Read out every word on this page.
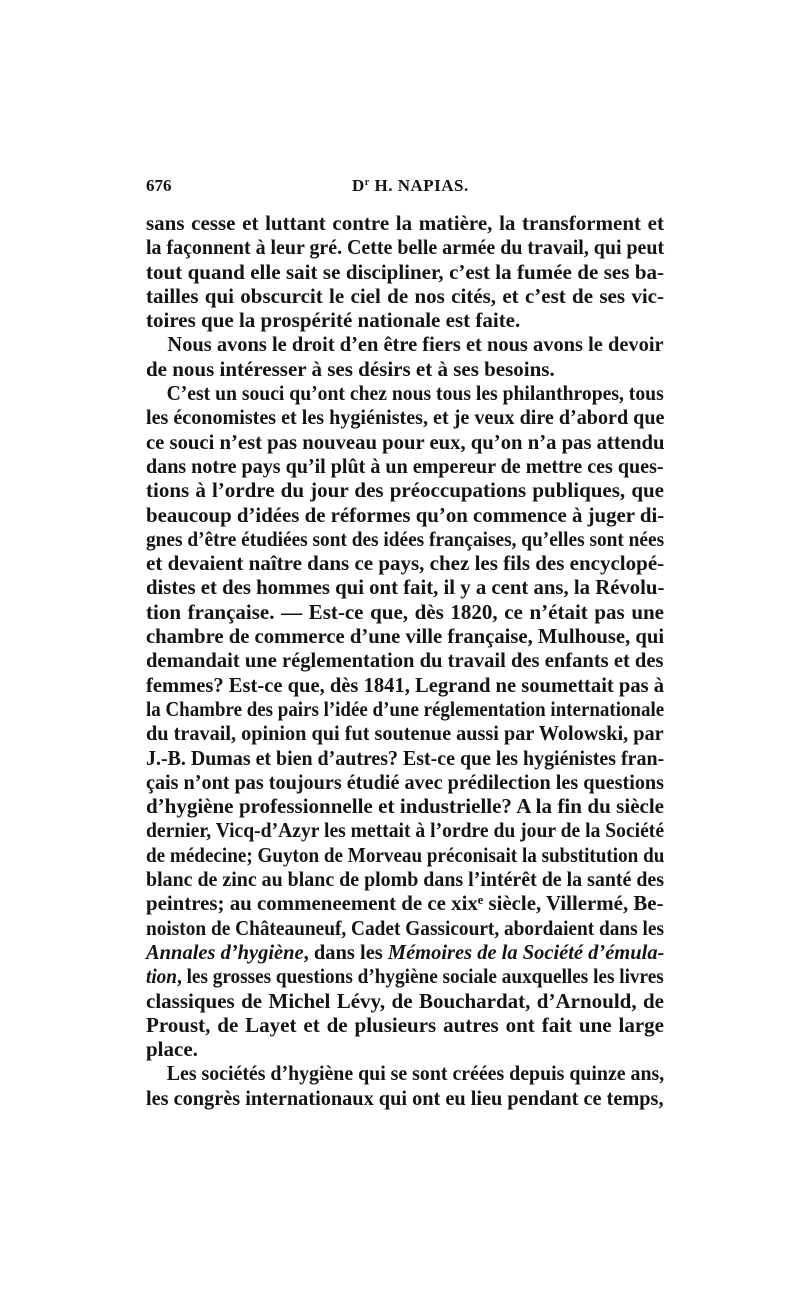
676	$D^r$ H. NAPIAS.
sans cesse et luttant contre la matière, la transforment et
la façonnent à leur gré. Cette belle armée du travail, qui peut
tout quand elle sait se discipliner, c’est la fumée de ses ba-
tailles qui obscurcit le ciel de nos cités, et c’est de ses vic-
toires que la prospérité nationale est faite.
Nous avons le droit d’en être fiers et nous avons le devoir
de nous intéresser à ses désirs et à ses besoins.
C’est un souci qu’ont chez nous tous les philanthropes, tous
les économistes et les hygiénistes, et je veux dire d’abord que
ce souci n’est pas nouveau pour eux, qu’on n’a pas attendu
dans notre pays qu’il plût à un empereur de mettre ces ques-
tions à l’ordre du jour des préoccupations publiques, que
beaucoup d’idées de réformes qu’on commence à juger di-
gnes d’être étudiées sont des idées françaises, qu’elles sont nées
et devaient naître dans ce pays, chez les fils des encyclopé-
distes et des hommes qui ont fait, il y a cent ans, la Révolu-
tion française. — Est-ce que, dès 1820, ce n’était pas une
chambre de commerce d’une ville française, Mulhouse, qui
demandait une réglementation du travail des enfants et des
femmes? Est-ce que, dès 1841, Legrand ne soumettait pas à
la Chambre des pairs l’idée d’une réglementation internationale
du travail, opinion qui fut soutenue aussi par Wolowski, par
J.-B. Dumas et bien d’autres? Est-ce que les hygiénistes fran-
çais n’ont pas toujours étudié avec prédilection les questions
d’hygiène professionnelle et industrielle? A la fin du siècle
dernier, Vicq-d’Azyr les mettait à l’ordre du jour de la Société
de médecine; Guyton de Morveau préconisait la substitution du
blanc de zinc au blanc de plomb dans l’intérêt de la santé des
peintres; au commeneement de ce xixᵉ siècle, Villermé, Be-
noiston de Châteauneuf, Cadet Gassicourt, abordaient dans les
Annales d’hygiène, dans les Mémoires de la Société d’émula-
tion, les grosses questions d’hygiène sociale auxquelles les livres
classiques de Michel Lévy, de Bouchardat, d’Arnould, de
Proust, de Layet et de plusieurs autres ont fait une large
place.
Les sociétés d’hygiène qui se sont créées depuis quinze ans,
les congrès internationaux qui ont eu lieu pendant ce temps,
